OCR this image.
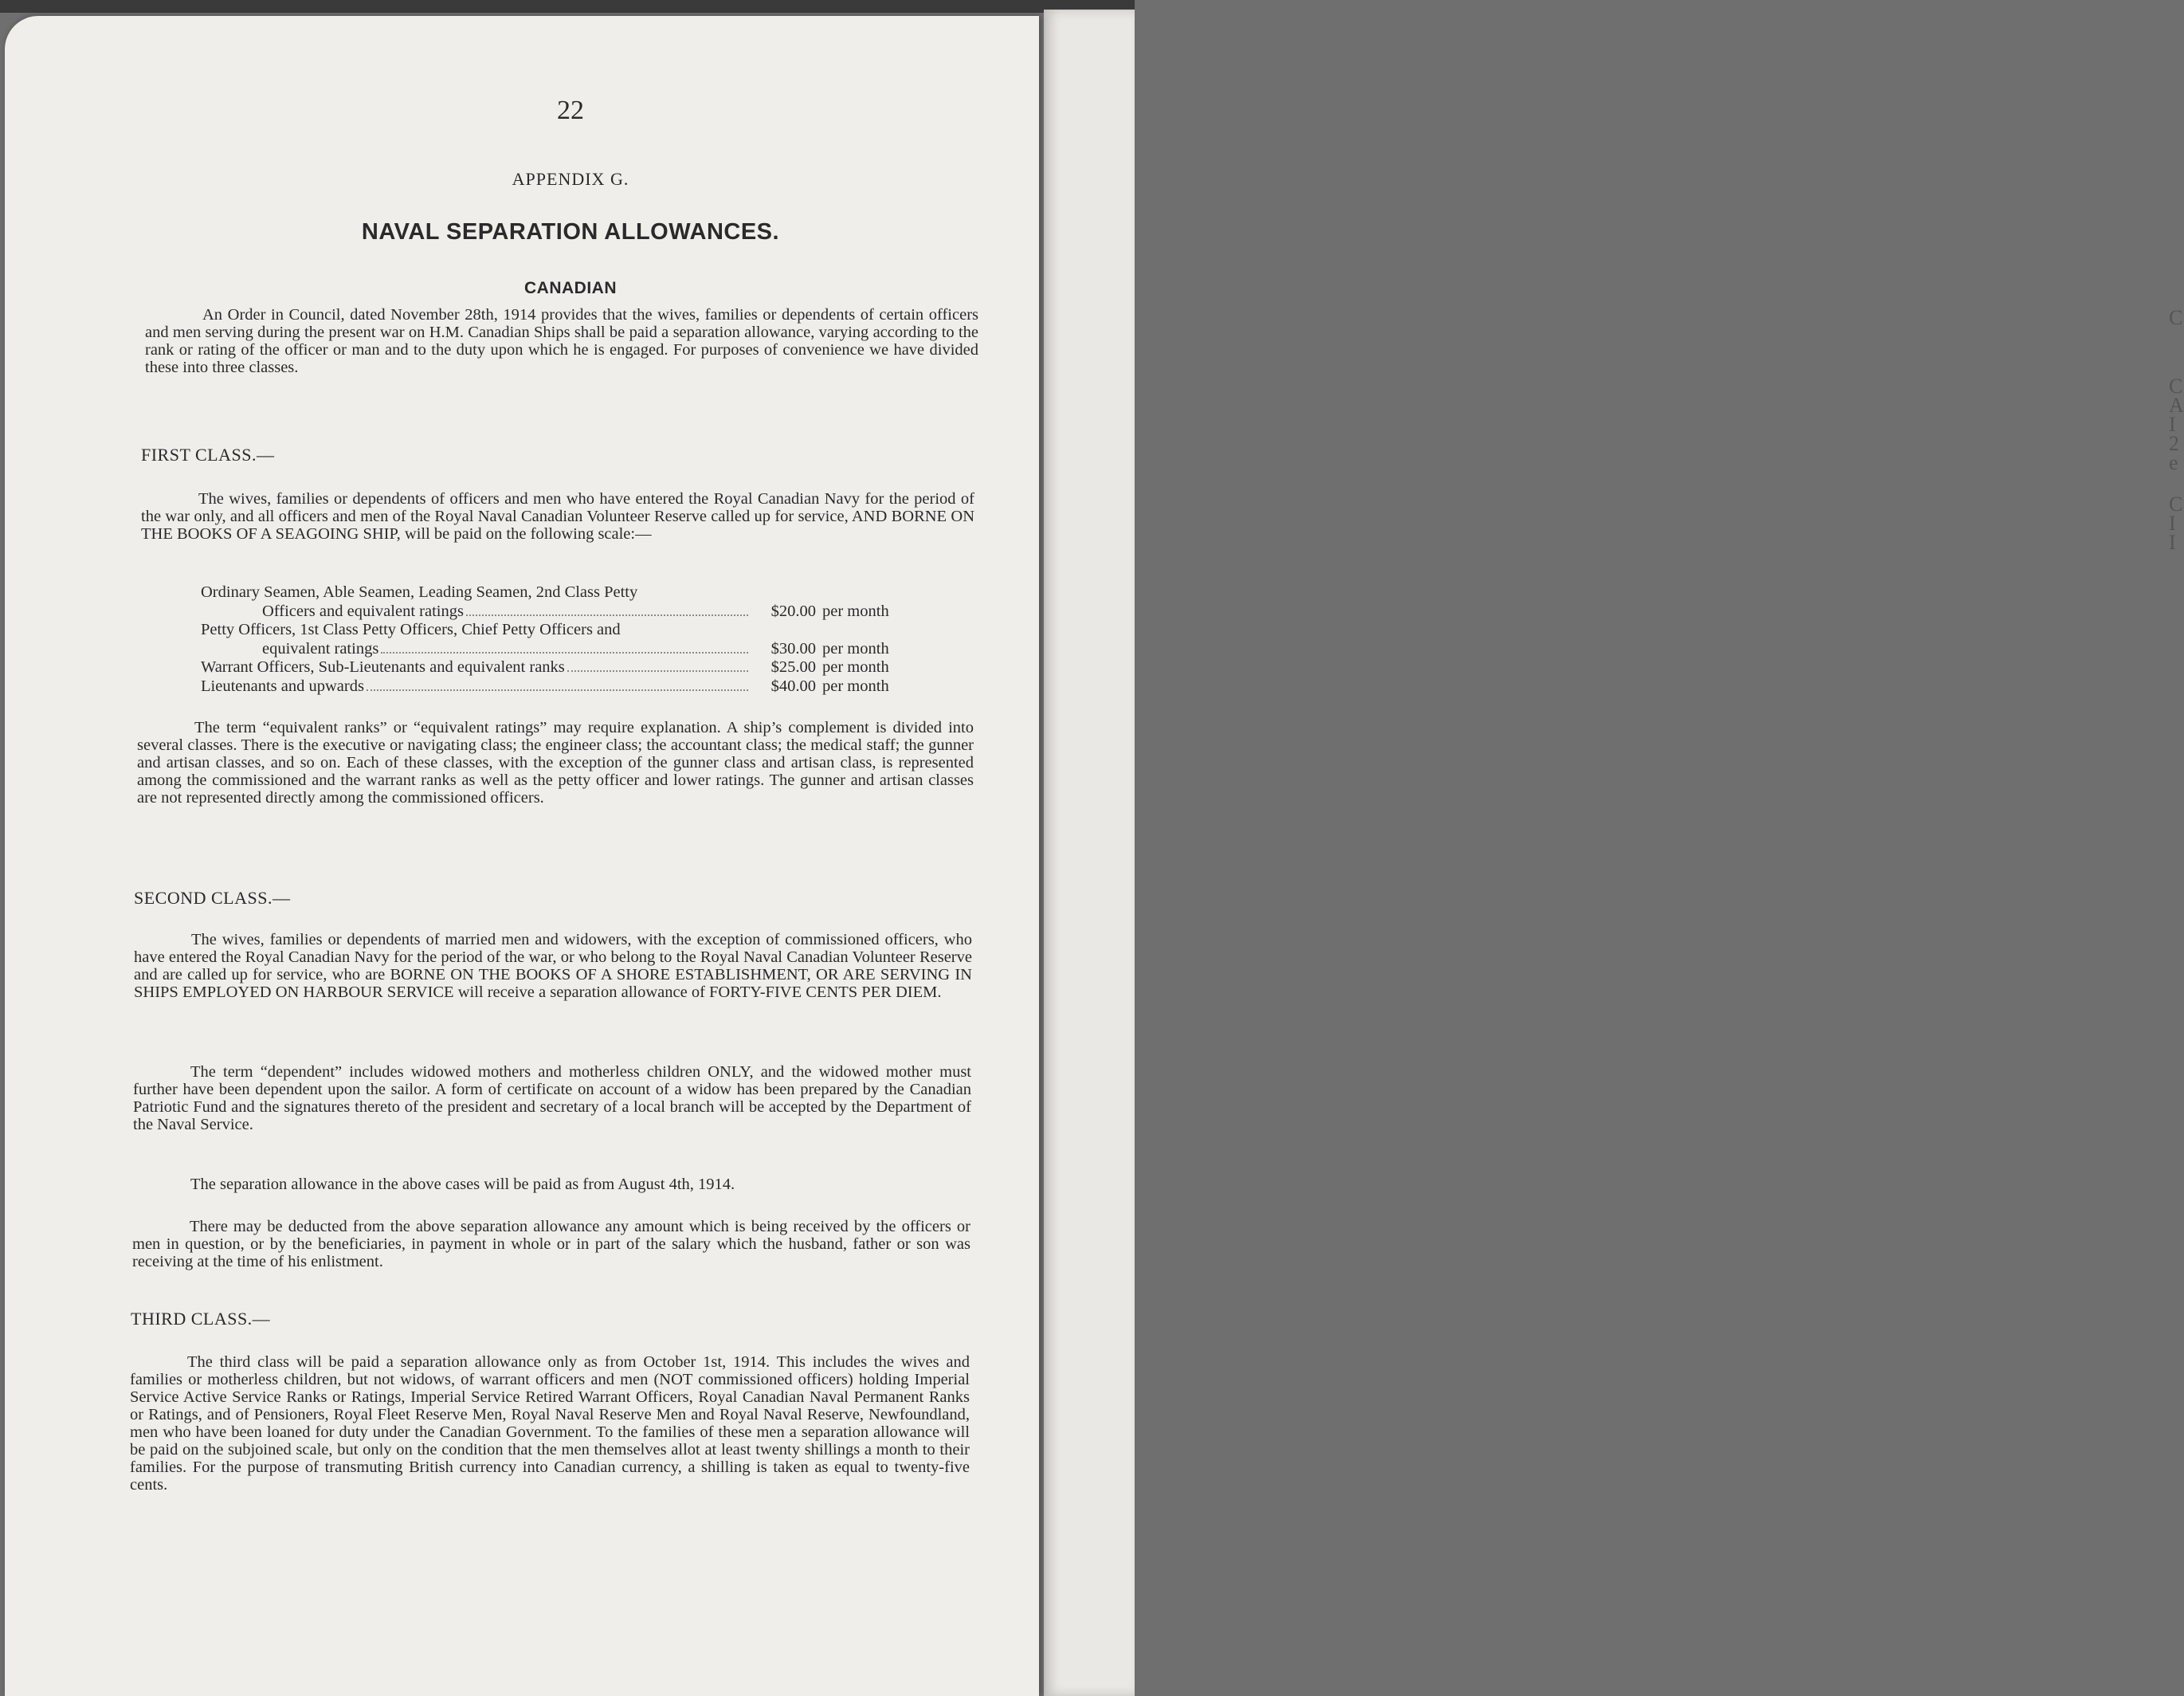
C
C
A
I
2
e
C
I
I
22
APPENDIX G.
NAVAL SEPARATION ALLOWANCES.
CANADIAN

An Order in Council, dated November 28th, 1914 provides that the wives, families or dependents of certain officers and men serving during the present war on H.M. Canadian Ships shall be paid a separation allowance, varying according to the rank or rating of the officer or man and to the duty upon which he is engaged. For purposes of convenience we have divided these into three classes.

FIRST CLASS.—

The wives, families or dependents of officers and men who have entered the Royal Canadian Navy for the period of the war only, and all officers and men of the Royal Naval Canadian Volunteer Reserve called up for service, AND BORNE ON THE BOOKS OF A SEAGOING SHIP, will be paid on the following scale:—

Ordinary Seamen, Able Seamen, Leading Seamen, 2nd Class Petty
Officers and equivalent ratings	$20.00 per month
Petty Officers, 1st Class Petty Officers, Chief Petty Officers and
equivalent ratings	$30.00 per month
Warrant Officers, Sub-Lieutenants and equivalent ranks	$25.00 per month
Lieutenants and upwards	$40.00 per month

The term “equivalent ranks” or “equivalent ratings” may require explanation. A ship’s complement is divided into several classes. There is the executive or navigating class; the engineer class; the accountant class; the medical staff; the gunner and artisan classes, and so on. Each of these classes, with the exception of the gunner class and artisan class, is represented among the commissioned and the warrant ranks as well as the petty officer and lower ratings. The gunner and artisan classes are not represented directly among the commissioned officers.

SECOND CLASS.—

The wives, families or dependents of married men and widowers, with the exception of commissioned officers, who have entered the Royal Canadian Navy for the period of the war, or who belong to the Royal Naval Canadian Volunteer Reserve and are called up for service, who are BORNE ON THE BOOKS OF A SHORE ESTABLISHMENT, OR ARE SERVING IN SHIPS EMPLOYED ON HARBOUR SERVICE will receive a separation allowance of FORTY-FIVE CENTS PER DIEM.

The term “dependent” includes widowed mothers and motherless children ONLY, and the widowed mother must further have been dependent upon the sailor. A form of certificate on account of a widow has been prepared by the Canadian Patriotic Fund and the signatures thereto of the president and secretary of a local branch will be accepted by the Department of the Naval Service.

The separation allowance in the above cases will be paid as from August 4th, 1914.

There may be deducted from the above separation allowance any amount which is being received by the officers or men in question, or by the beneficiaries, in payment in whole or in part of the salary which the husband, father or son was receiving at the time of his enlistment.

THIRD CLASS.—

The third class will be paid a separation allowance only as from October 1st, 1914. This includes the wives and families or motherless children, but not widows, of warrant officers and men (NOT commissioned officers) holding Imperial Service Active Service Ranks or Ratings, Imperial Service Retired Warrant Officers, Royal Canadian Naval Permanent Ranks or Ratings, and of Pensioners, Royal Fleet Reserve Men, Royal Naval Reserve Men and Royal Naval Reserve, Newfoundland, men who have been loaned for duty under the Canadian Government. To the families of these men a separation allowance will be paid on the subjoined scale, but only on the condition that the men themselves allot at least twenty shillings a month to their families. For the purpose of transmuting British currency into Canadian currency, a shilling is taken as equal to twenty-five cents.
